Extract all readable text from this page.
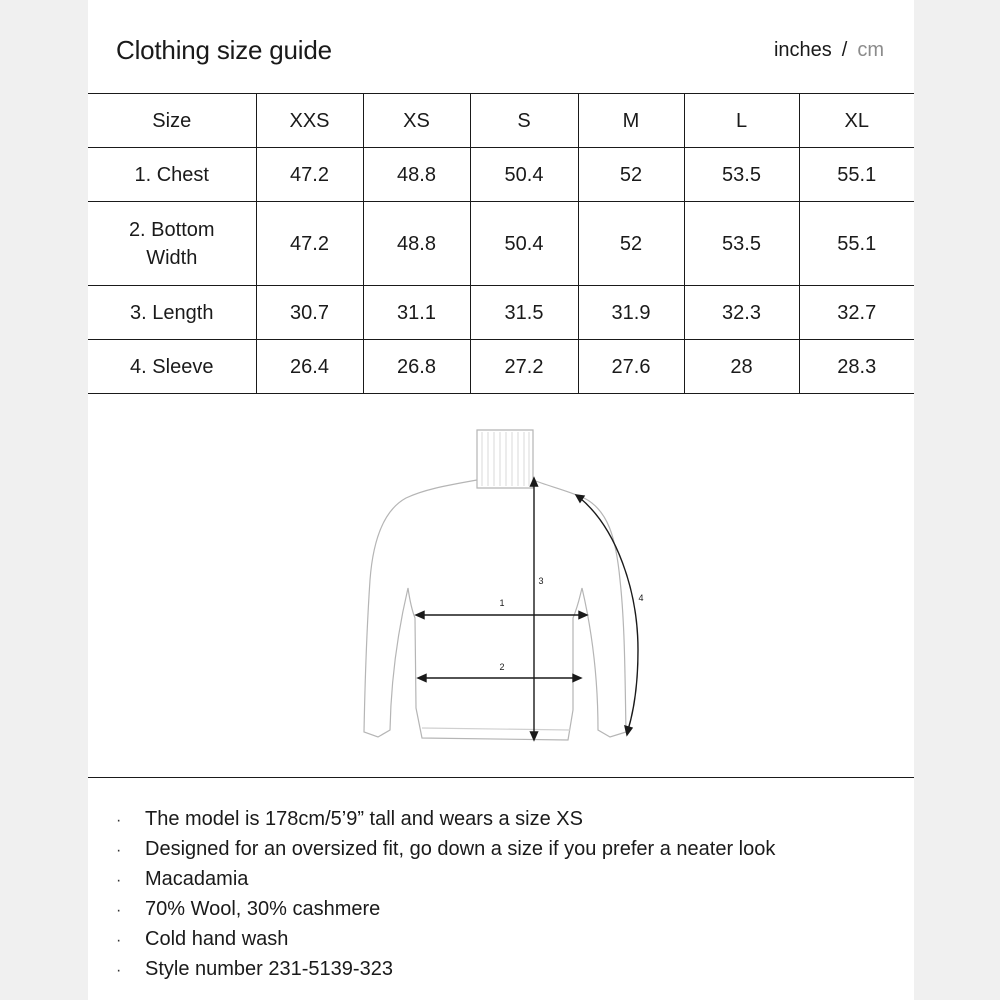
Clothing size guide	inches / cm
Size	XXS	XS	S	M	L	XL
1. Chest	47.2	48.8	50.4	52	53.5	55.1
2. Bottom
Width	47.2	48.8	50.4	52	53.5	55.1
3. Length	30.7	31.1	31.5	31.9	32.3	32.7
4. Sleeve	26.4	26.8	27.2	27.6	28	28.3
1
2
3
4
·	The model is 178cm/5’9” tall and wears a size XS
·	Designed for an oversized fit, go down a size if you prefer a neater look
·	Macadamia
·	70% Wool, 30% cashmere
·	Cold hand wash
·	Style number 231-5139-323
